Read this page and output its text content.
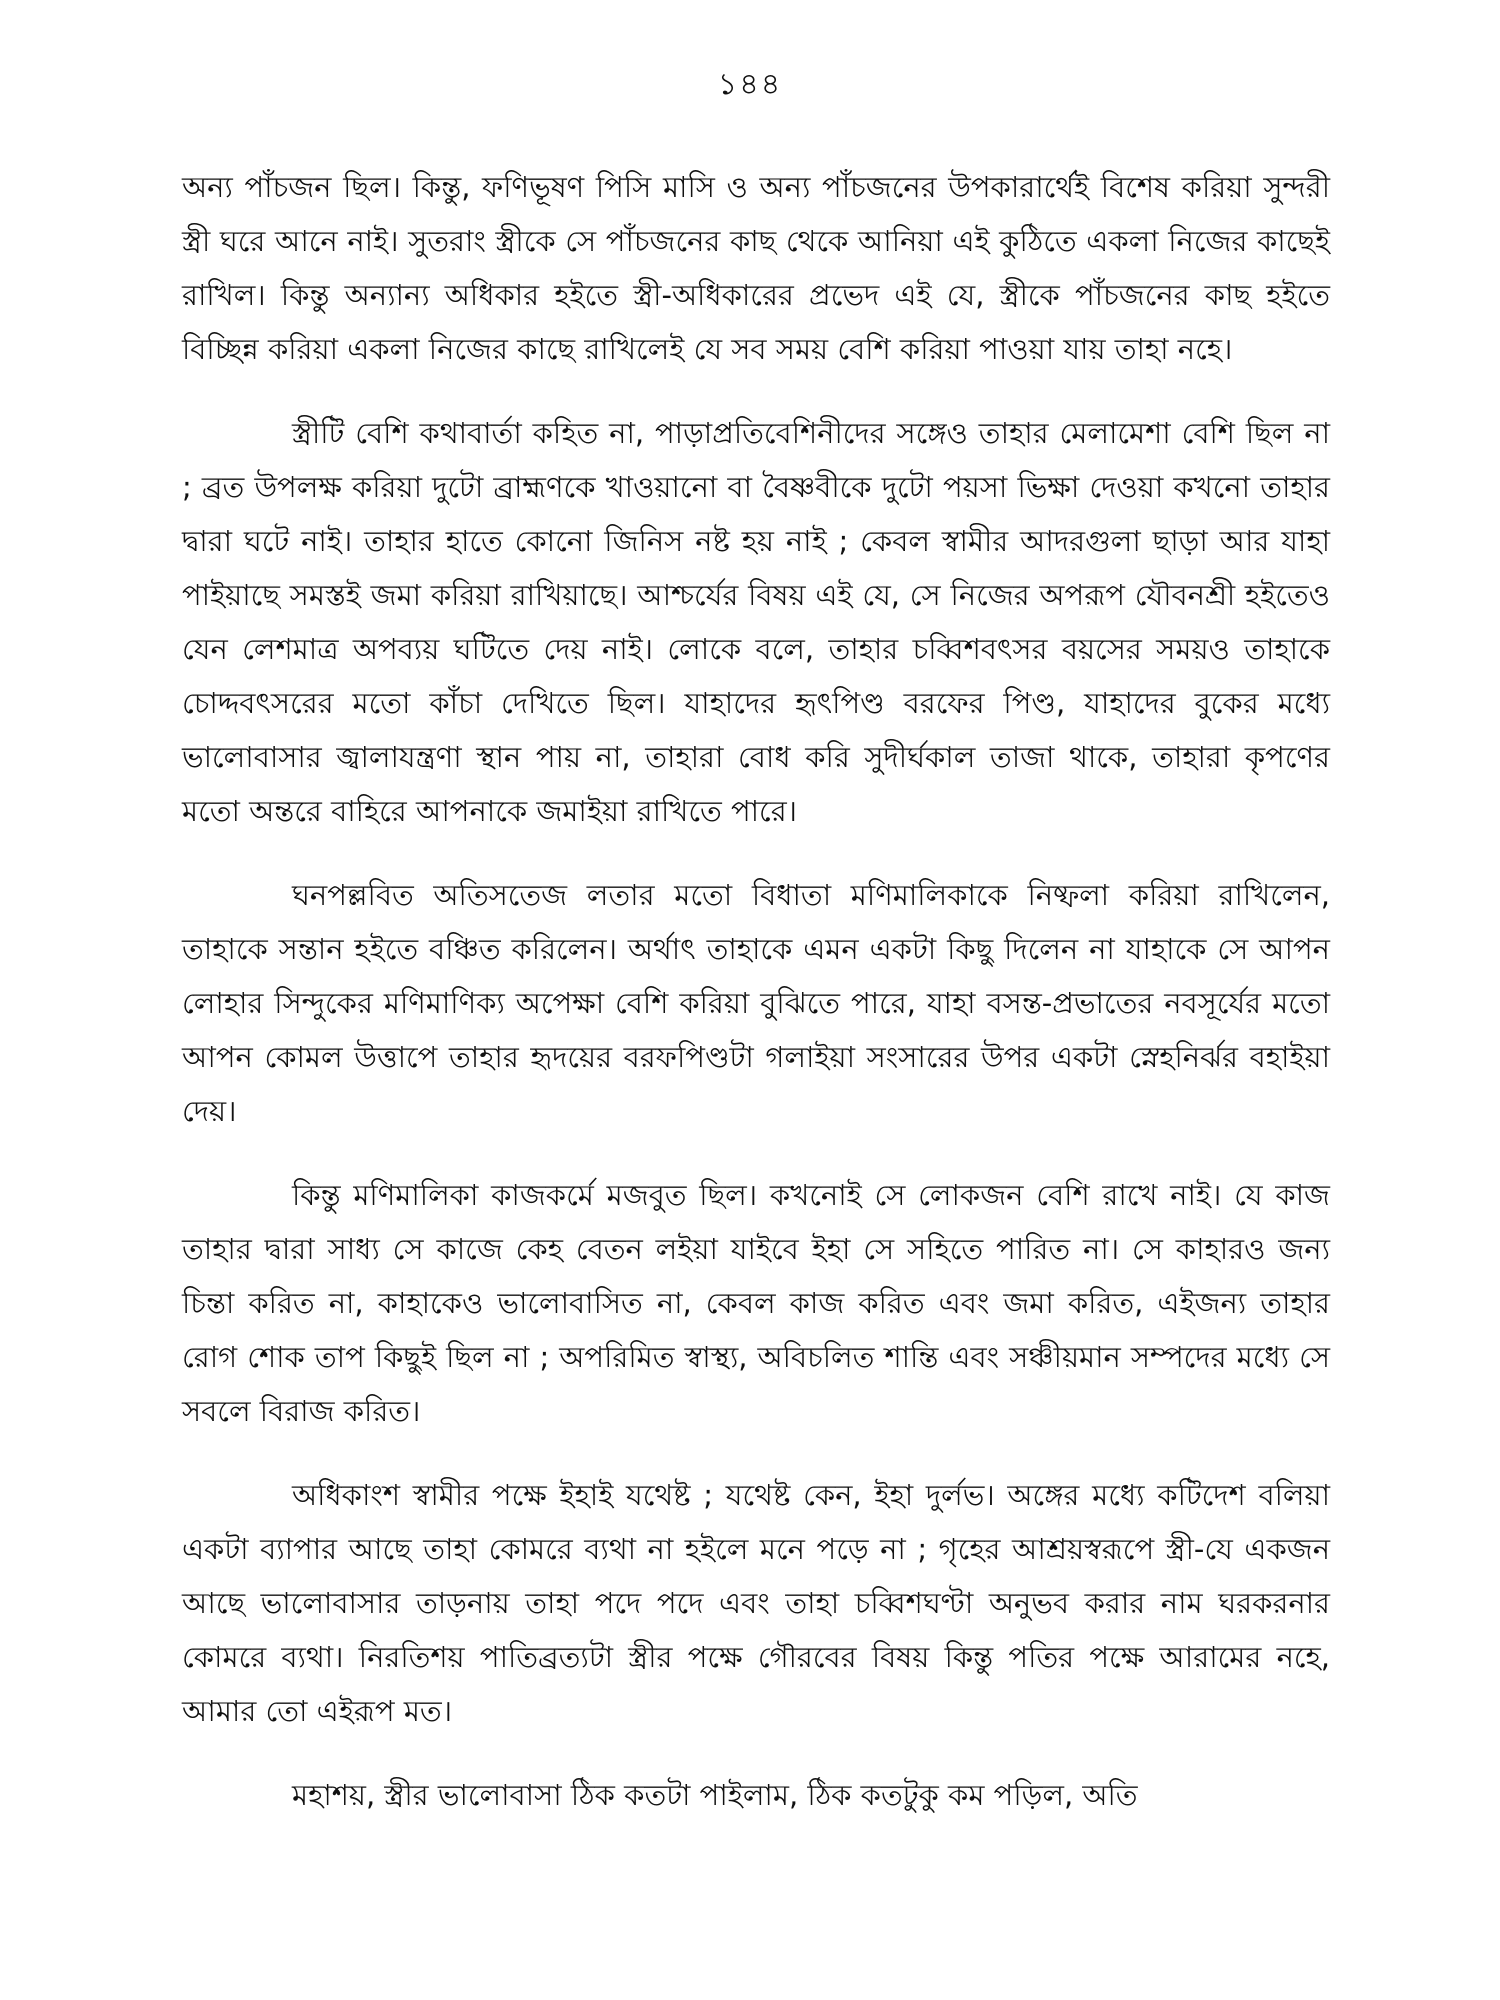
১৪৪

অন্য পাঁচজন ছিল। কিন্তু, ফণিভূষণ পিসি মাসি ও অন্য পাঁচজনের উপকারার্থেই বিশেষ করিয়া সুন্দরী স্ত্রী ঘরে আনে নাই। সুতরাং স্ত্রীকে সে পাঁচজনের কাছ থেকে আনিয়া এই কুঠিতে একলা নিজের কাছেই রাখিল। কিন্তু অন্যান্য অধিকার হইতে স্ত্রী-অধিকারের প্রভেদ এই যে, স্ত্রীকে পাঁচজনের কাছ হইতে বিচ্ছিন্ন করিয়া একলা নিজের কাছে রাখিলেই যে সব সময় বেশি করিয়া পাওয়া যায় তাহা নহে।

স্ত্রীটি বেশি কথাবার্তা কহিত না, পাড়াপ্রতিবেশিনীদের সঙ্গেও তাহার মেলামেশা বেশি ছিল না ; ব্রত উপলক্ষ করিয়া দুটো ব্রাহ্মণকে খাওয়ানো বা বৈষ্ণবীকে দুটো পয়সা ভিক্ষা দেওয়া কখনো তাহার দ্বারা ঘটে নাই। তাহার হাতে কোনো জিনিস নষ্ট হয় নাই ; কেবল স্বামীর আদরগুলা ছাড়া আর যাহা পাইয়াছে সমস্তই জমা করিয়া রাখিয়াছে। আশ্চর্যের বিষয় এই যে, সে নিজের অপরূপ যৌবনশ্রী হইতেও যেন লেশমাত্র অপব্যয় ঘটিতে দেয় নাই। লোকে বলে, তাহার চব্বিশবৎসর বয়সের সময়ও তাহাকে চোদ্দবৎসরের মতো কাঁচা দেখিতে ছিল। যাহাদের হৃৎপিণ্ড বরফের পিণ্ড, যাহাদের বুকের মধ্যে ভালোবাসার জ্বালাযন্ত্রণা স্থান পায় না, তাহারা বোধ করি সুদীর্ঘকাল তাজা থাকে, তাহারা কৃপণের মতো অন্তরে বাহিরে আপনাকে জমাইয়া রাখিতে পারে।

ঘনপল্লবিত অতিসতেজ লতার মতো বিধাতা মণিমালিকাকে নিষ্ফলা করিয়া রাখিলেন, তাহাকে সন্তান হইতে বঞ্চিত করিলেন। অর্থাৎ তাহাকে এমন একটা কিছু দিলেন না যাহাকে সে আপন লোহার সিন্দুকের মণিমাণিক্য অপেক্ষা বেশি করিয়া বুঝিতে পারে, যাহা বসন্ত-প্রভাতের নবসূর্যের মতো আপন কোমল উত্তাপে তাহার হৃদয়ের বরফপিণ্ডটা গলাইয়া সংসারের উপর একটা স্নেহনির্ঝর বহাইয়া দেয়।

কিন্তু মণিমালিকা কাজকর্মে মজবুত ছিল। কখনোই সে লোকজন বেশি রাখে নাই। যে কাজ তাহার দ্বারা সাধ্য সে কাজে কেহ বেতন লইয়া যাইবে ইহা সে সহিতে পারিত না। সে কাহারও জন্য চিন্তা করিত না, কাহাকেও ভালোবাসিত না, কেবল কাজ করিত এবং জমা করিত, এইজন্য তাহার রোগ শোক তাপ কিছুই ছিল না ; অপরিমিত স্বাস্থ্য, অবিচলিত শান্তি এবং সঞ্চীয়মান সম্পদের মধ্যে সে সবলে বিরাজ করিত।

অধিকাংশ স্বামীর পক্ষে ইহাই যথেষ্ট ; যথেষ্ট কেন, ইহা দুর্লভ। অঙ্গের মধ্যে কটিদেশ বলিয়া একটা ব্যাপার আছে তাহা কোমরে ব্যথা না হইলে মনে পড়ে না ; গৃহের আশ্রয়স্বরূপে স্ত্রী-যে একজন আছে ভালোবাসার তাড়নায় তাহা পদে পদে এবং তাহা চব্বিশঘণ্টা অনুভব করার নাম ঘরকরনার কোমরে ব্যথা। নিরতিশয় পাতিব্রত্যটা স্ত্রীর পক্ষে গৌরবের বিষয় কিন্তু পতির পক্ষে আরামের নহে, আমার তো এইরূপ মত।

মহাশয়, স্ত্রীর ভালোবাসা ঠিক কতটা পাইলাম, ঠিক কতটুকু কম পড়িল, অতি
